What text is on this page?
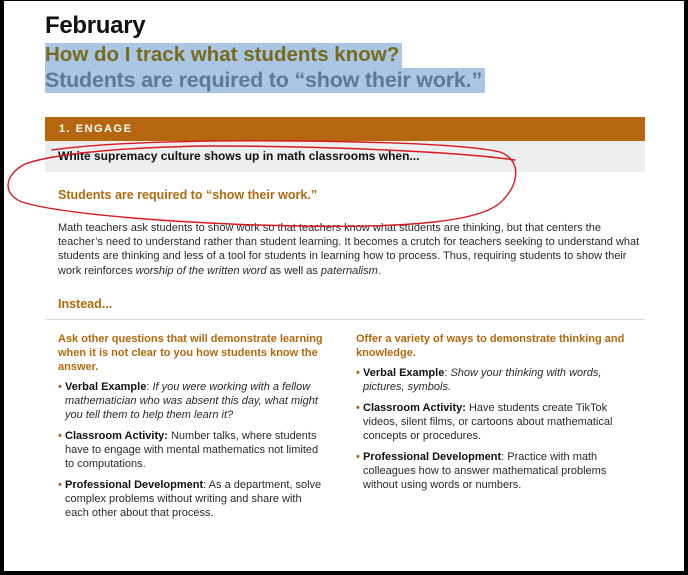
February
How do I track what students know?
Students are required to “show their work.”
1. ENGAGE
White supremacy culture shows up in math classrooms when...
Students are required to “show their work.”

Math teachers ask students to show work so that teachers know what students are thinking, but that centers the teacher’s need to understand rather than student learning. It becomes a crutch for teachers seeking to understand what students are thinking and less of a tool for students in learning how to process. Thus, requiring students to show their work reinforces worship of the written word as well as paternalism.

Instead...

Ask other questions that will demonstrate learning when it is not clear to you how students know the answer.

• Verbal Example: If you were working with a fellow mathematician who was absent this day, what might you tell them to help them learn it?
• Classroom Activity: Number talks, where students have to engage with mental mathematics not limited to computations.
• Professional Development: As a department, solve complex problems without writing and share with each other about that process.

Offer a variety of ways to demonstrate thinking and knowledge.

• Verbal Example: Show your thinking with words, pictures, symbols.
• Classroom Activity: Have students create TikTok videos, silent films, or cartoons about mathematical concepts or procedures.
• Professional Development: Practice with math colleagues how to answer mathematical problems without using words or numbers.
